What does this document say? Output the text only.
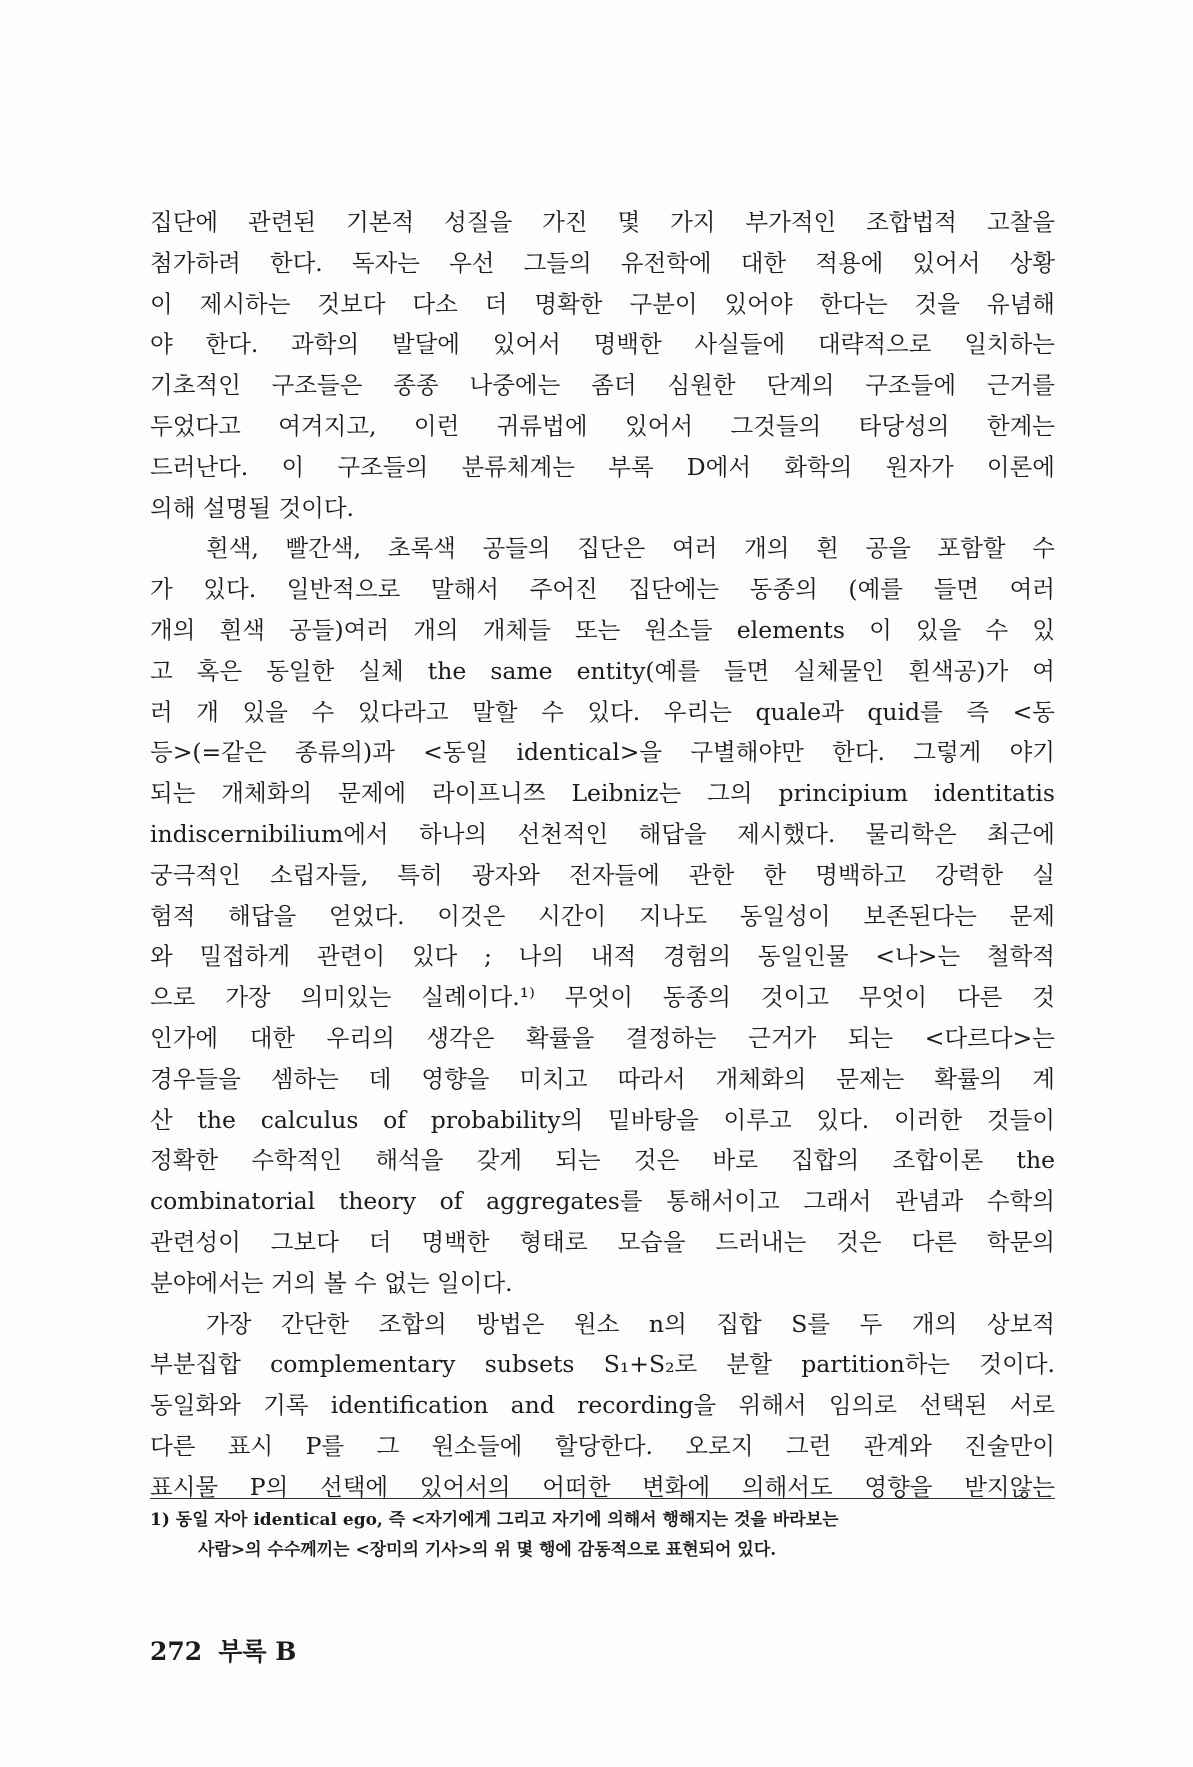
집단에 관련된 기본적 성질을 가진 몇 가지 부가적인 조합법적 고찰을
첨가하려 한다. 독자는 우선 그들의 유전학에 대한 적용에 있어서 상황
이 제시하는 것보다 다소 더 명확한 구분이 있어야 한다는 것을 유념해
야 한다. 과학의 발달에 있어서 명백한 사실들에 대략적으로 일치하는
기초적인 구조들은 종종 나중에는 좀더 심원한 단계의 구조들에 근거를
두었다고 여겨지고, 이런 귀류법에 있어서 그것들의 타당성의 한계는
드러난다. 이 구조들의 분류체계는 부록 D에서 화학의 원자가 이론에
의해 설명될 것이다.
흰색, 빨간색, 초록색 공들의 집단은 여러 개의 흰 공을 포함할 수
가 있다. 일반적으로 말해서 주어진 집단에는 동종의 (예를 들면 여러
개의 흰색 공들)여러 개의 개체들 또는 원소들 elements 이 있을 수 있
고 혹은 동일한 실체 the same entity(예를 들면 실체물인 흰색공)가 여
러 개 있을 수 있다라고 말할 수 있다. 우리는 quale과 quid를 즉 <동
등>(=같은 종류의)과 <동일 identical>을 구별해야만 한다. 그렇게 야기
되는 개체화의 문제에 라이프니쯔 Leibniz는 그의 principium identitatis
indiscernibilium에서 하나의 선천적인 해답을 제시했다. 물리학은 최근에
궁극적인 소립자들, 특히 광자와 전자들에 관한 한 명백하고 강력한 실
험적 해답을 얻었다. 이것은 시간이 지나도 동일성이 보존된다는 문제
와 밀접하게 관련이 있다 ; 나의 내적 경험의 동일인물 <나>는 철학적
으로 가장 의미있는 실례이다.¹⁾ 무엇이 동종의 것이고 무엇이 다른 것
인가에 대한 우리의 생각은 확률을 결정하는 근거가 되는 <다르다>는
경우들을 셈하는 데 영향을 미치고 따라서 개체화의 문제는 확률의 계
산 the calculus of probability의 밑바탕을 이루고 있다. 이러한 것들이
정확한 수학적인 해석을 갖게 되는 것은 바로 집합의 조합이론 the
combinatorial theory of aggregates를 통해서이고 그래서 관념과 수학의
관련성이 그보다 더 명백한 형태로 모습을 드러내는 것은 다른 학문의
분야에서는 거의 볼 수 없는 일이다.
가장 간단한 조합의 방법은 원소 n의 집합 S를 두 개의 상보적
부분집합 complementary subsets S₁+S₂로 분할 partition하는 것이다.
동일화와 기록 identification and recording을 위해서 임의로 선택된 서로
다른 표시 P를 그 원소들에 할당한다. 오로지 그런 관계와 진술만이
표시물 P의 선택에 있어서의 어떠한 변화에 의해서도 영향을 받지않는
1) 동일 자아 identical ego, 즉 <자기에게 그리고 자기에 의해서 행해지는 것을 바라보는
사람>의 수수께끼는 <장미의 기사>의 위 몇 행에 감동적으로 표현되어 있다.
272 부록 B
